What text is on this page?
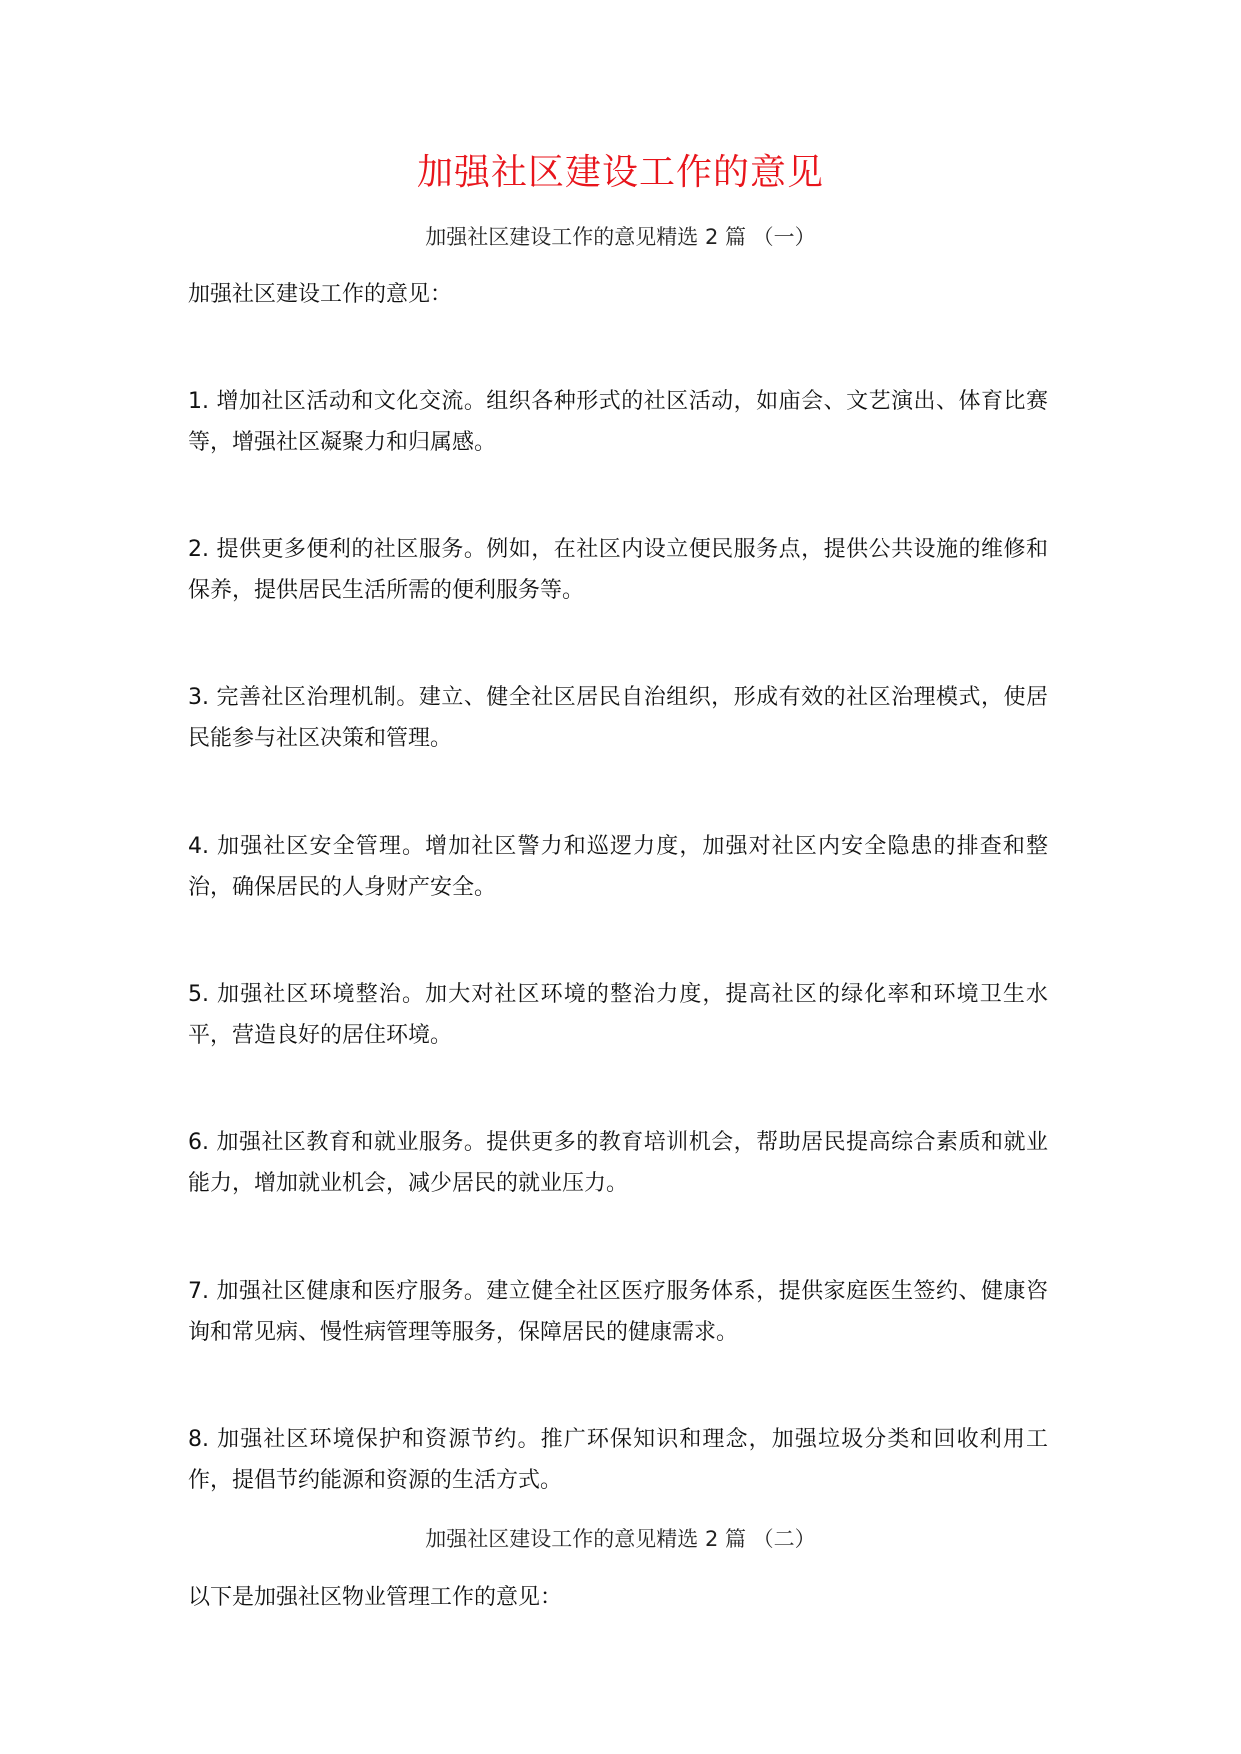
加强社区建设工作的意见
加强社区建设工作的意见精选 2 篇 （一）
加强社区建设工作的意见：
1. 增加社区活动和文化交流。组织各种形式的社区活动，如庙会、文艺演出、体育比赛等，增强社区凝聚力和归属感。
2. 提供更多便利的社区服务。例如，在社区内设立便民服务点，提供公共设施的维修和保养，提供居民生活所需的便利服务等。
3. 完善社区治理机制。建立、健全社区居民自治组织，形成有效的社区治理模式，使居民能参与社区决策和管理。
4. 加强社区安全管理。增加社区警力和巡逻力度，加强对社区内安全隐患的排查和整治，确保居民的人身财产安全。
5. 加强社区环境整治。加大对社区环境的整治力度，提高社区的绿化率和环境卫生水平，营造良好的居住环境。
6. 加强社区教育和就业服务。提供更多的教育培训机会，帮助居民提高综合素质和就业能力，增加就业机会，减少居民的就业压力。
7. 加强社区健康和医疗服务。建立健全社区医疗服务体系，提供家庭医生签约、健康咨询和常见病、慢性病管理等服务，保障居民的健康需求。
8. 加强社区环境保护和资源节约。推广环保知识和理念，加强垃圾分类和回收利用工作，提倡节约能源和资源的生活方式。
加强社区建设工作的意见精选 2 篇 （二）
以下是加强社区物业管理工作的意见：
